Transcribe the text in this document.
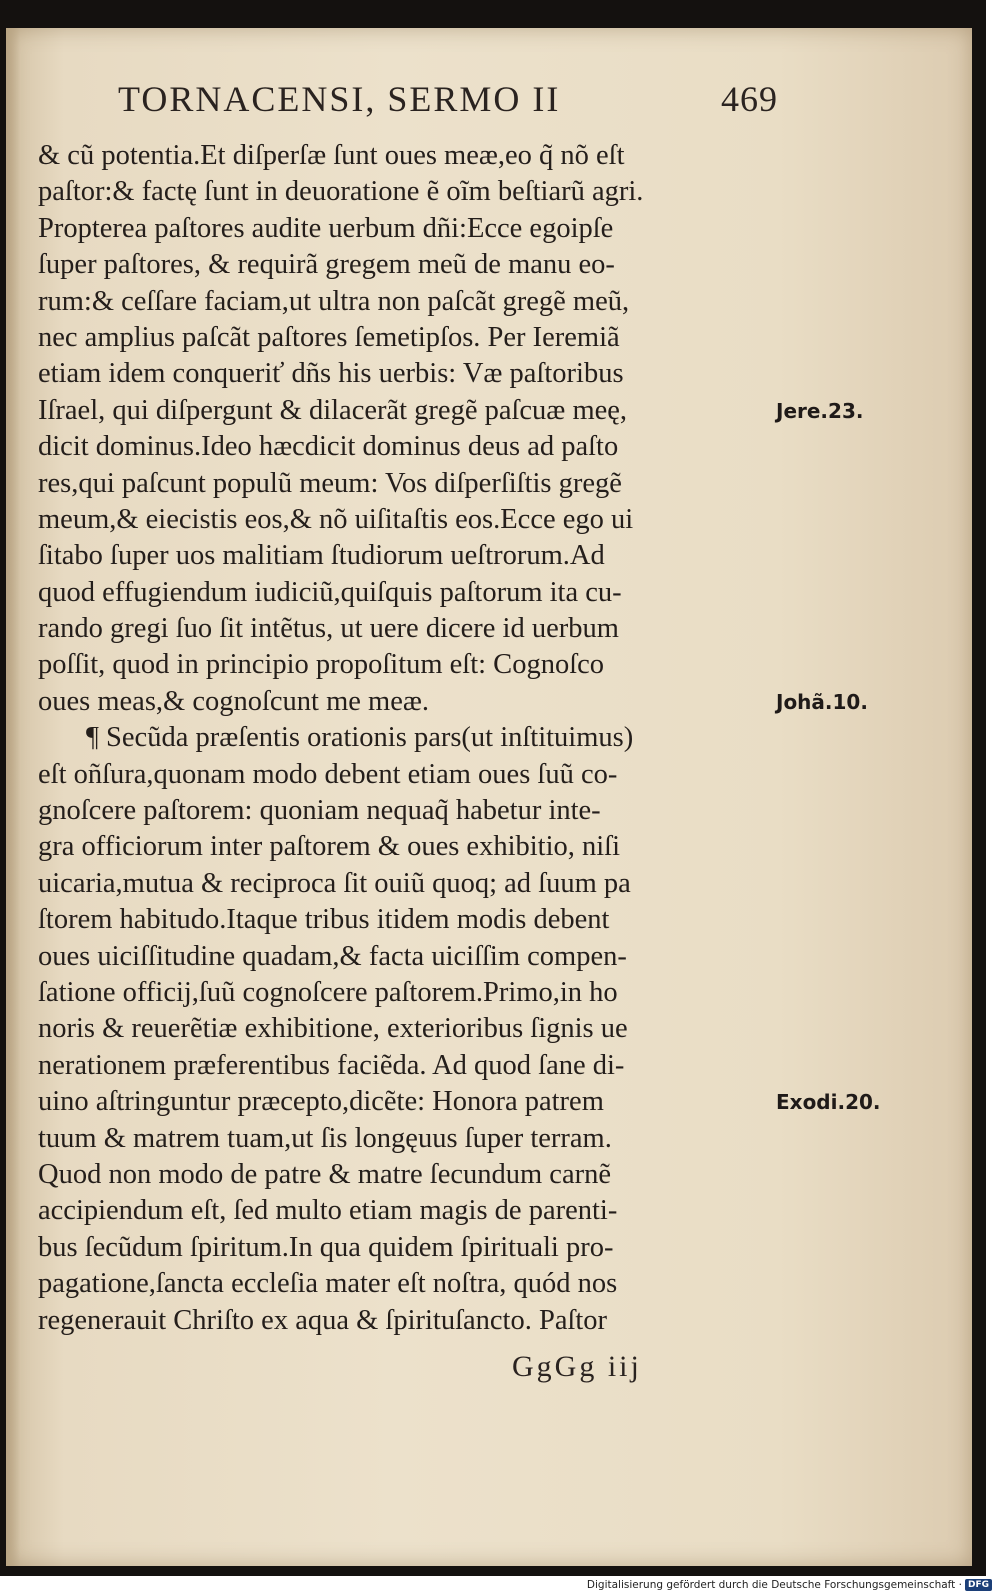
TORNACENSI, SERMO II	469
& cũ potentia.Et diſperſæ ſunt oues meæ,eo q̃ nõ eſt
paſtor:& factę ſunt in deuoratione ẽ oĩm beſtiarũ agri.
Propterea paſtores audite uerbum dñi:Ecce egoipſe
ſuper paſtores, & requirã gregem meũ de manu eo-
rum:& ceſſare faciam,ut ultra non paſcãt gregẽ meũ,
nec amplius paſcãt paſtores ſemetipſos. Per Ieremiã
etiam idem conqueriť dñs his uerbis: Væ paſtoribus
Iſrael, qui diſpergunt & dilacerãt gregẽ paſcuæ meę,
dicit dominus.Ideo hæcdicit dominus deus ad paſto
res,qui paſcunt populũ meum: Vos diſperſiſtis gregẽ
meum,& eiecistis eos,& nõ uiſitaſtis eos.Ecce ego ui
ſitabo ſuper uos malitiam ſtudiorum ueſtrorum.Ad
quod effugiendum iudiciũ,quiſquis paſtorum ita cu-
rando gregi ſuo ſit intẽtus, ut uere dicere id uerbum
poſſit, quod in principio propoſitum eſt: Cognoſco
oues meas,& cognoſcunt me meæ.
¶ Secũda præſentis orationis pars(ut inſtituimus)
eſt oñſura,quonam modo debent etiam oues ſuũ co-
gnoſcere paſtorem: quoniam nequaq̃ habetur inte-
gra officiorum inter paſtorem & oues exhibitio, niſi
uicaria,mutua & reciproca ſit ouiũ quoq; ad ſuum pa
ſtorem habitudo.Itaque tribus itidem modis debent
oues uiciſſitudine quadam,& facta uiciſſim compen-
ſatione officij,ſuũ cognoſcere paſtorem.Primo,in ho
noris & reuerẽtiæ exhibitione, exterioribus ſignis ue
nerationem præferentibus faciẽda. Ad quod ſane di-
uino aſtringuntur præcepto,dicẽte: Honora patrem
tuum & matrem tuam,ut ſis longęuus ſuper terram.
Quod non modo de patre & matre ſecundum carnẽ
accipiendum eſt, ſed multo etiam magis de parenti-
bus ſecũdum ſpiritum.In qua quidem ſpirituali pro-
pagatione,ſancta eccleſia mater eſt noſtra, quód nos
regenerauit Chriſto ex aqua & ſpirituſancto. Paſtor
Jere.23.
Johã.10.
Exodi.20.
GgGg iij
Digitalisierung gefördert durch die Deutsche Forschungsgemeinschaft · DFG
